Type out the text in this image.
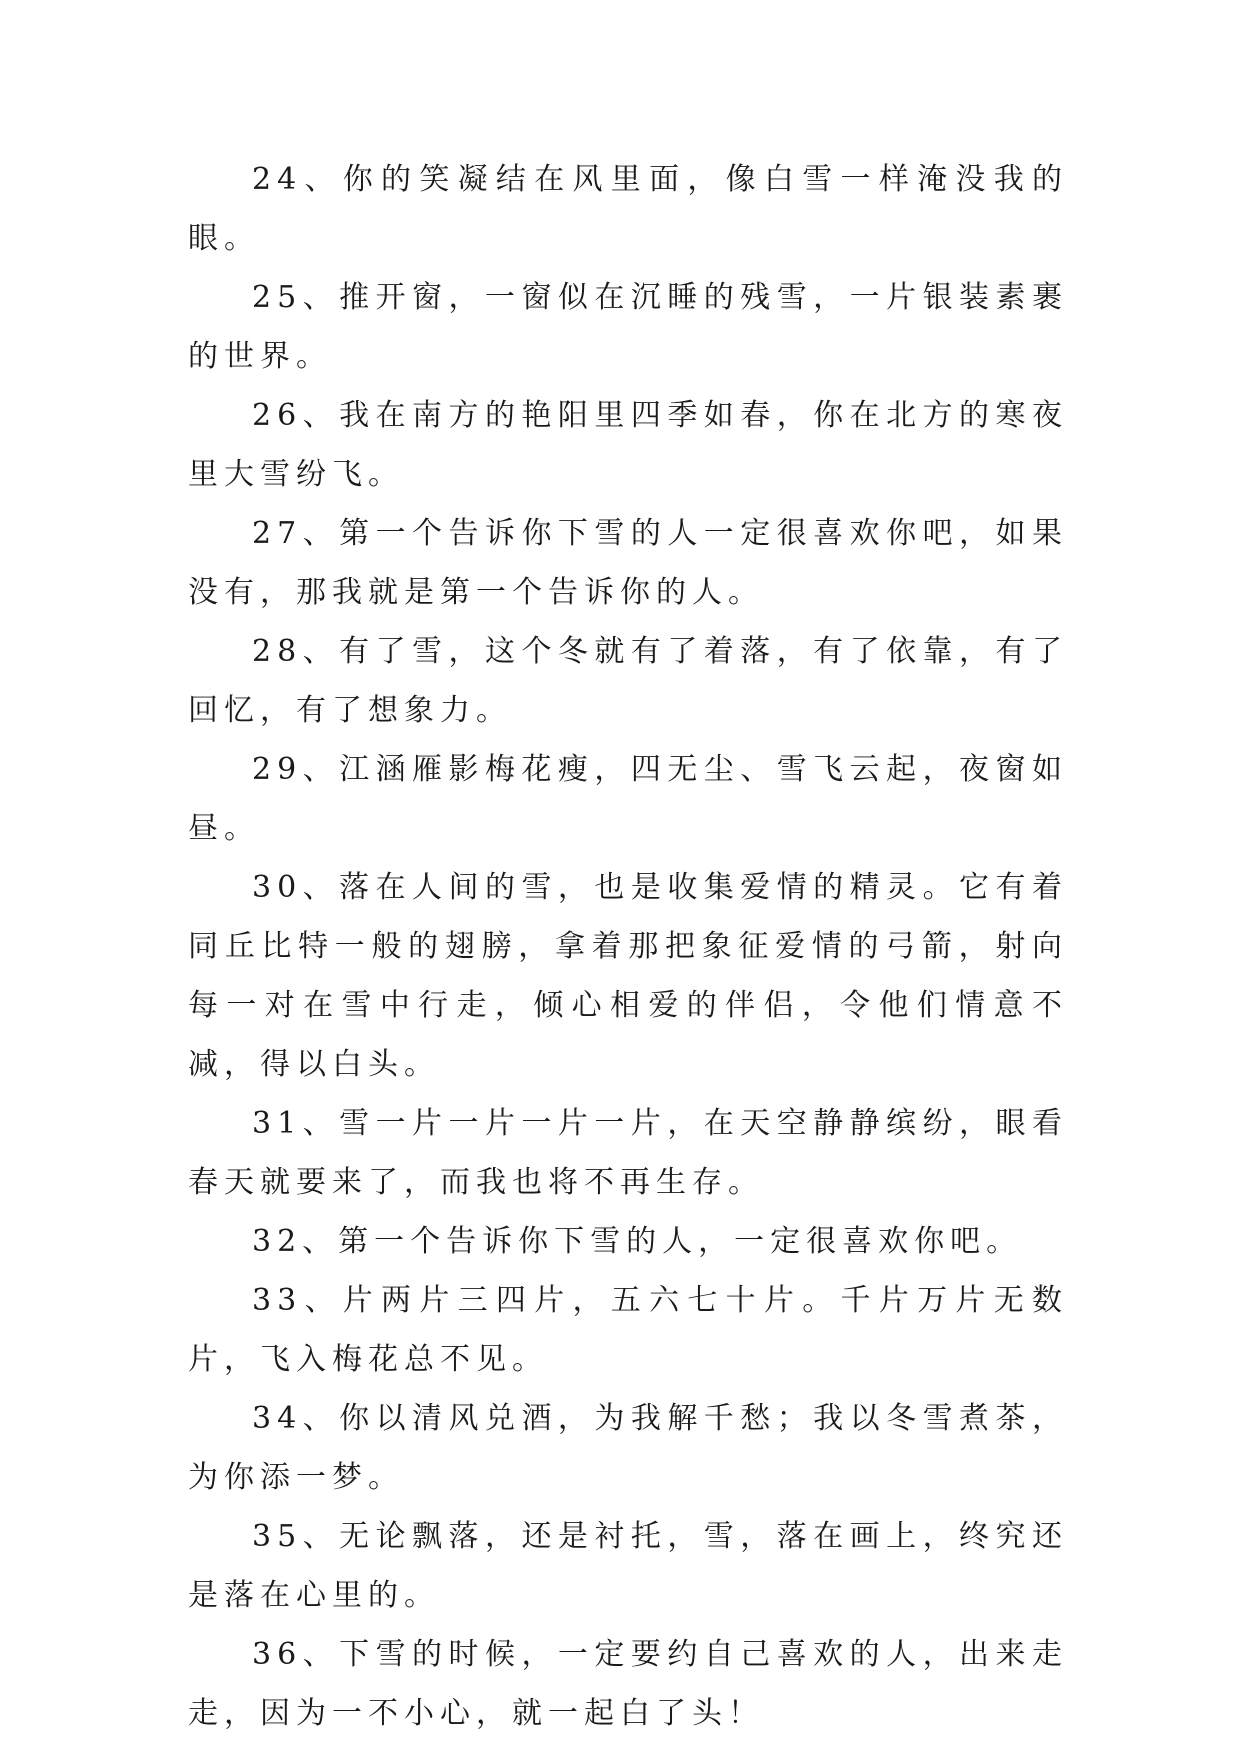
24、你的笑凝结在风里面，像白雪一样淹没我的眼。

25、推开窗，一窗似在沉睡的残雪，一片银装素裹的世界。

26、我在南方的艳阳里四季如春，你在北方的寒夜里大雪纷飞。

27、第一个告诉你下雪的人一定很喜欢你吧，如果没有，那我就是第一个告诉你的人。

28、有了雪，这个冬就有了着落，有了依靠，有了回忆，有了想象力。

29、江涵雁影梅花瘦，四无尘、雪飞云起，夜窗如昼。

30、落在人间的雪，也是收集爱情的精灵。它有着同丘比特一般的翅膀，拿着那把象征爱情的弓箭，射向每一对在雪中行走，倾心相爱的伴侣，令他们情意不减，得以白头。

31、雪一片一片一片一片，在天空静静缤纷，眼看春天就要来了，而我也将不再生存。

32、第一个告诉你下雪的人，一定很喜欢你吧。

33、片两片三四片，五六七十片。千片万片无数片，飞入梅花总不见。

34、你以清风兑酒，为我解千愁；我以冬雪煮茶，为你添一梦。

35、无论飘落，还是衬托，雪，落在画上，终究还是落在心里的。

36、下雪的时候，一定要约自己喜欢的人，出来走走，因为一不小心，就一起白了头！
